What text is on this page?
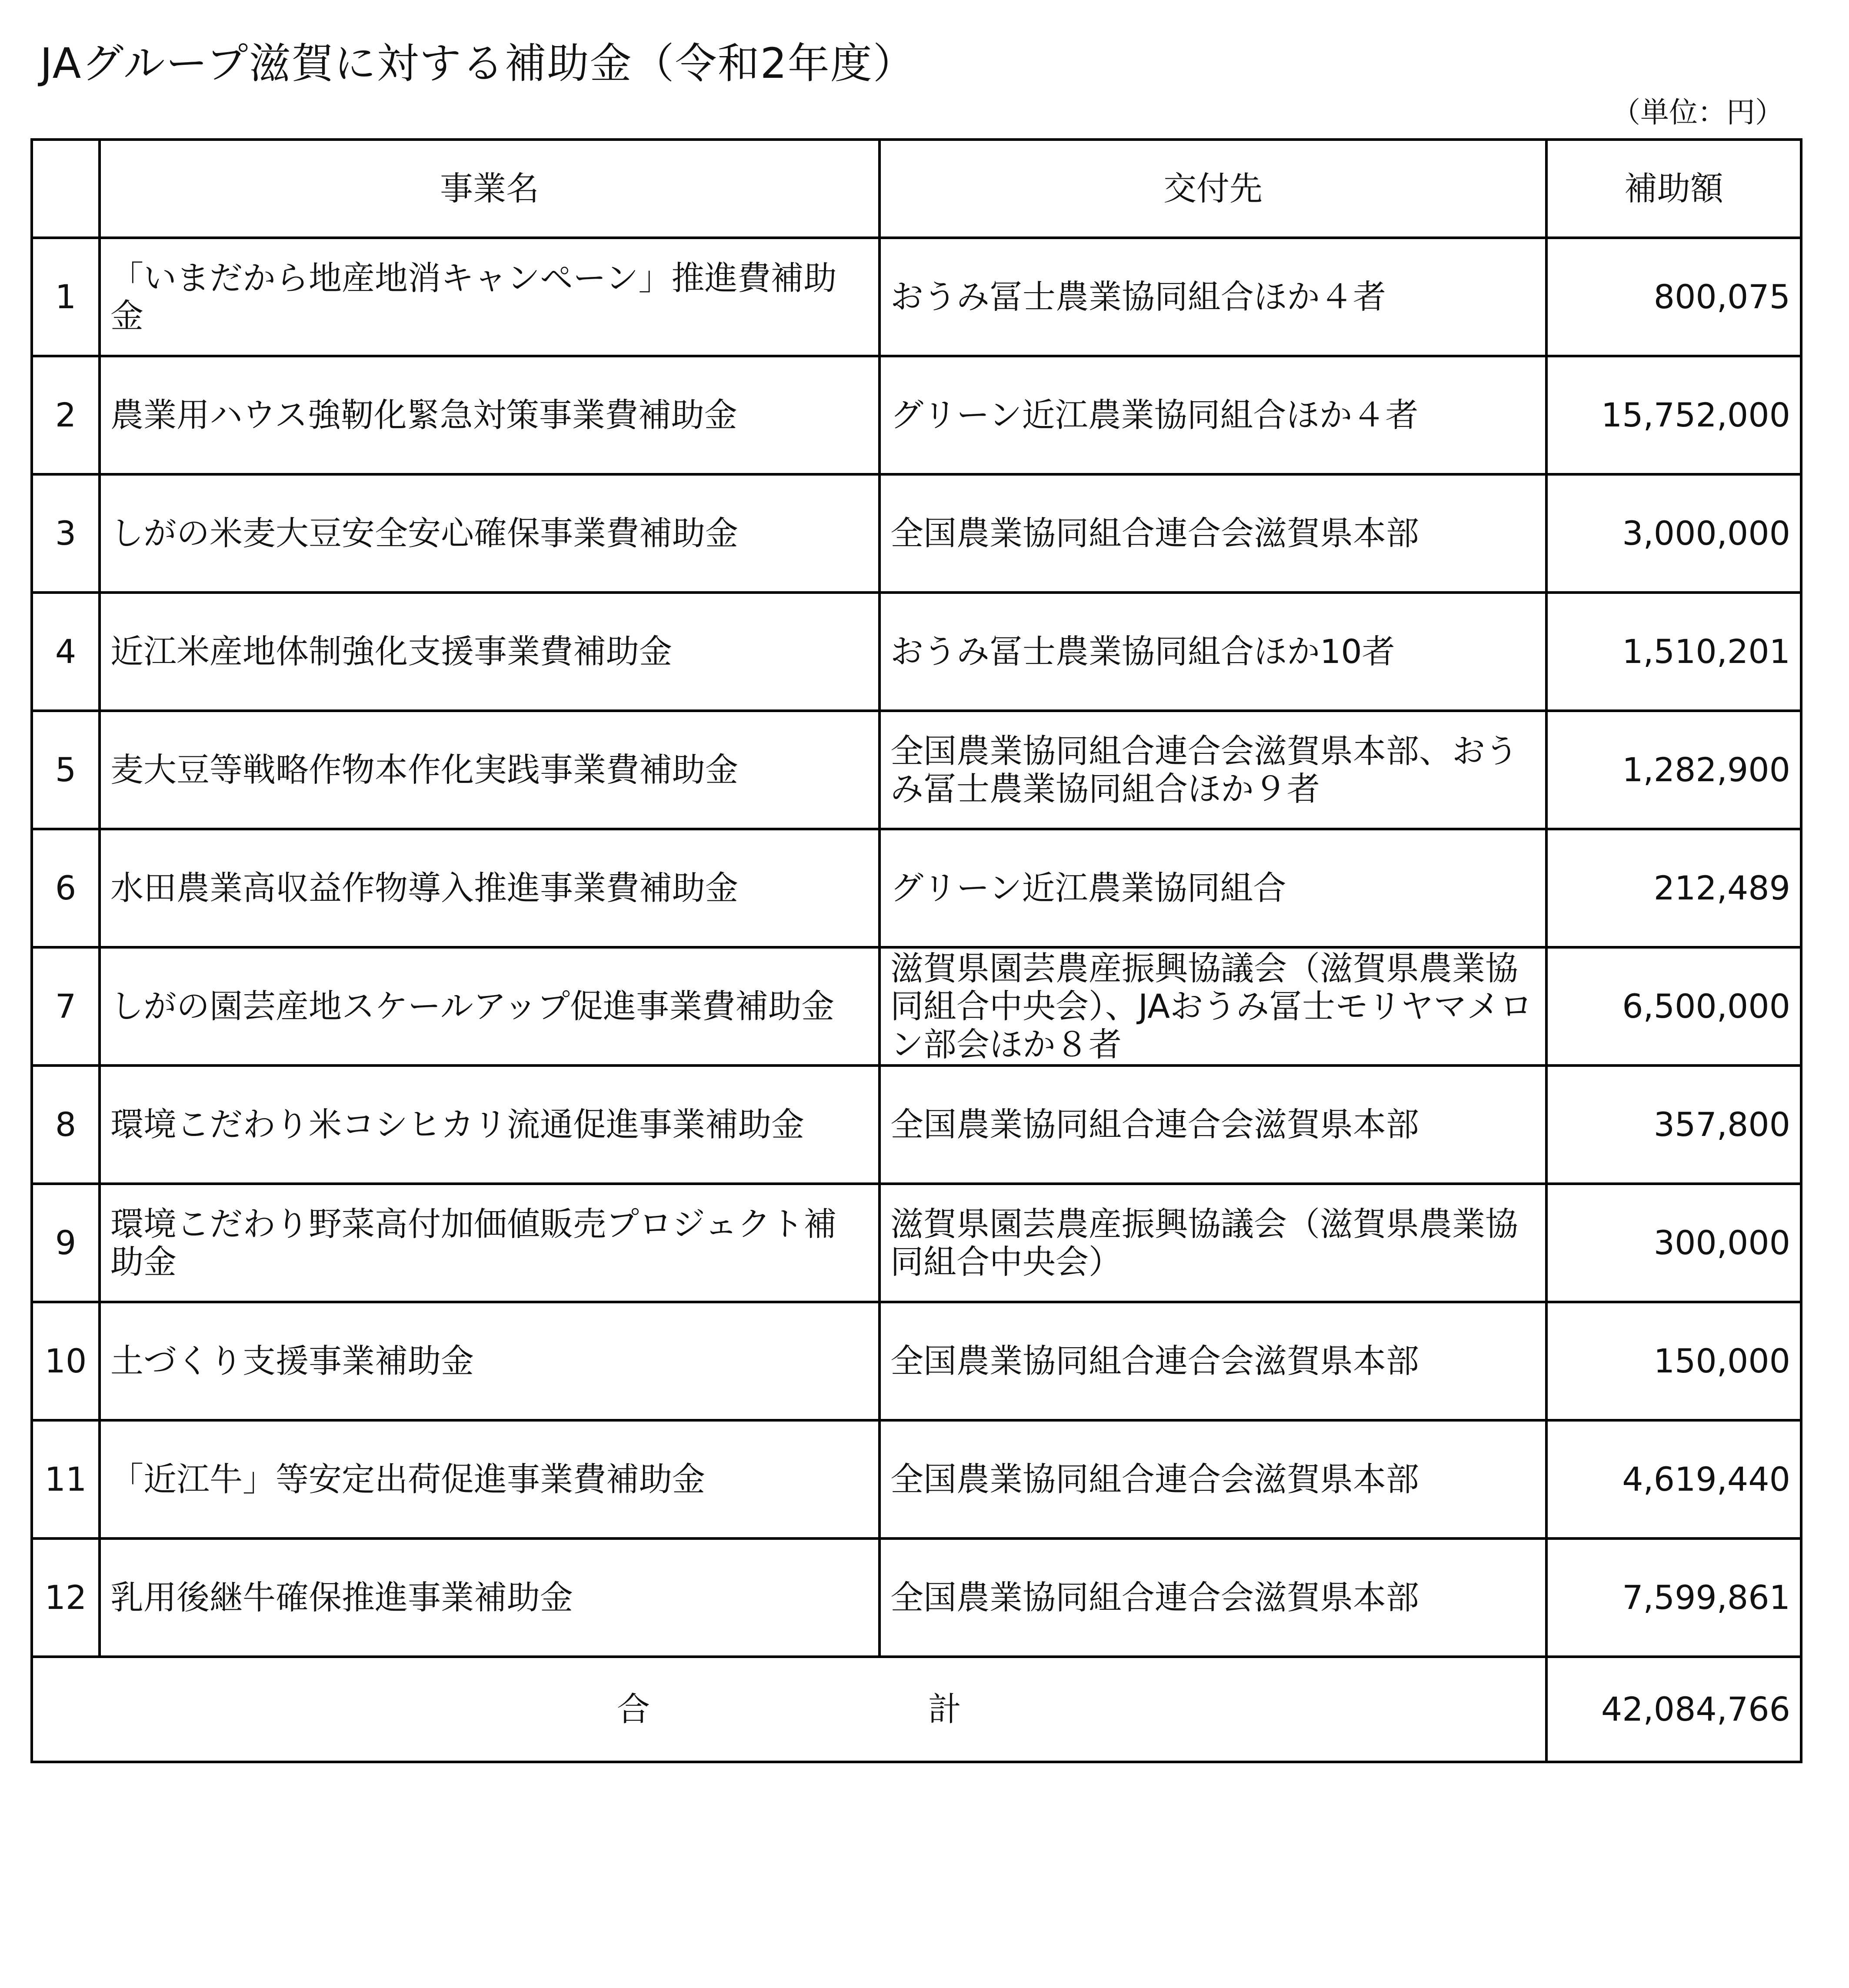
JAグループ滋賀に対する補助金（令和2年度）
（単位：円）
	事業名	交付先	補助額
1	「いまだから地産地消キャンペーン」推進費補助金	おうみ冨士農業協同組合ほか４者	800,075
2	農業用ハウス強靭化緊急対策事業費補助金	グリーン近江農業協同組合ほか４者	15,752,000
3	しがの米麦大豆安全安心確保事業費補助金	全国農業協同組合連合会滋賀県本部	3,000,000
4	近江米産地体制強化支援事業費補助金	おうみ冨士農業協同組合ほか10者	1,510,201
5	麦大豆等戦略作物本作化実践事業費補助金	全国農業協同組合連合会滋賀県本部、おうみ冨士農業協同組合ほか９者	1,282,900
6	水田農業高収益作物導入推進事業費補助金	グリーン近江農業協同組合	212,489
7	しがの園芸産地スケールアップ促進事業費補助金	滋賀県園芸農産振興協議会（滋賀県農業協同組合中央会）、JAおうみ冨士モリヤマメロン部会ほか８者	6,500,000
8	環境こだわり米コシヒカリ流通促進事業補助金	全国農業協同組合連合会滋賀県本部	357,800
9	環境こだわり野菜高付加価値販売プロジェクト補助金	滋賀県園芸農産振興協議会（滋賀県農業協同組合中央会）	300,000
10	土づくり支援事業補助金	全国農業協同組合連合会滋賀県本部	150,000
11	「近江牛」等安定出荷促進事業費補助金	全国農業協同組合連合会滋賀県本部	4,619,440
12	乳用後継牛確保推進事業補助金	全国農業協同組合連合会滋賀県本部	7,599,861
合 計			42,084,766
